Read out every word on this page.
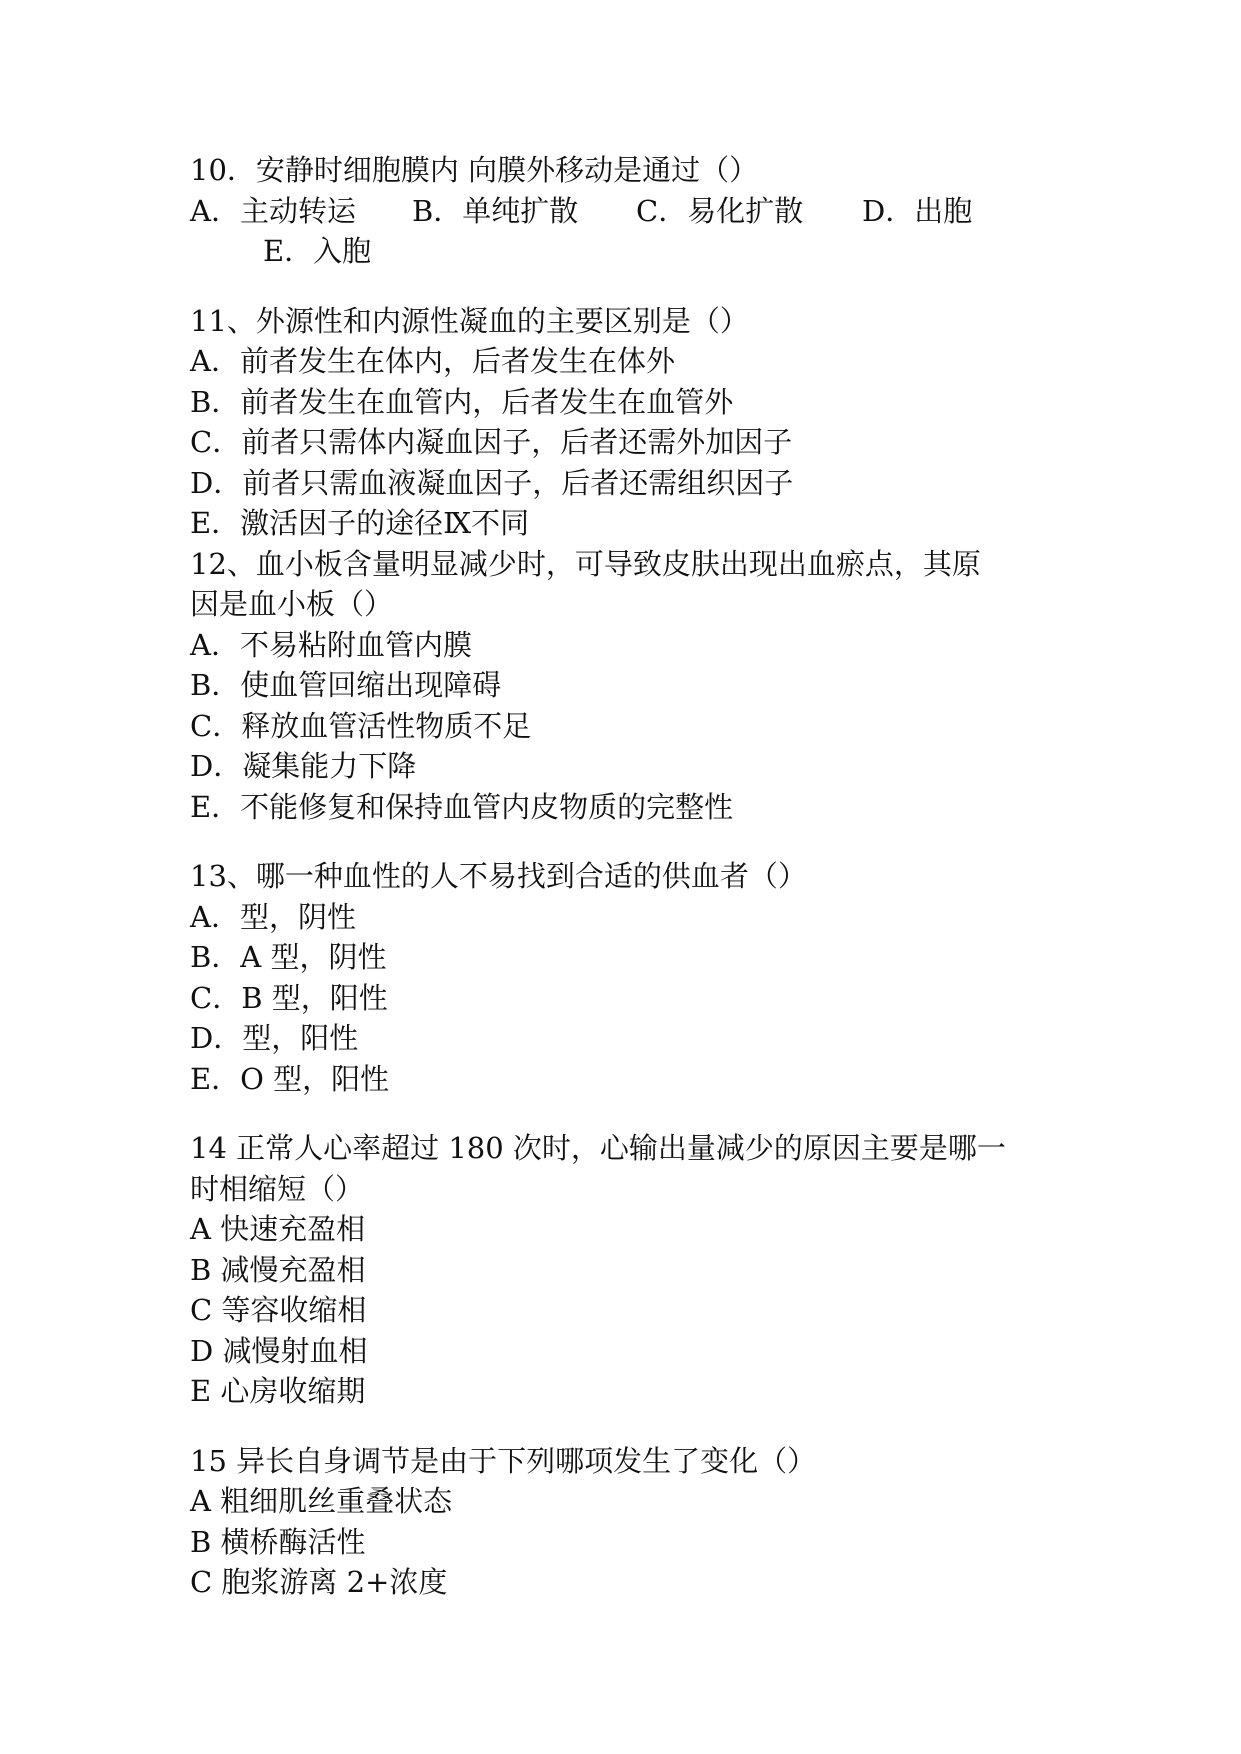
10．安静时细胞膜内 向膜外移动是通过（）
A．主动转运 B．单纯扩散 C．易化扩散 D．出胞
E．入胞
11、外源性和内源性凝血的主要区别是（）
A．前者发生在体内，后者发生在体外
B．前者发生在血管内，后者发生在血管外
C．前者只需体内凝血因子，后者还需外加因子
D．前者只需血液凝血因子，后者还需组织因子
E．激活因子的途径Ⅸ不同
12、血小板含量明显减少时，可导致皮肤出现出血瘀点，其原
因是血小板（）
A．不易粘附血管内膜
B．使血管回缩出现障碍
C．释放血管活性物质不足
D．凝集能力下降
E．不能修复和保持血管内皮物质的完整性
13、哪一种血性的人不易找到合适的供血者（）
A．型，阴性
B．A 型，阴性
C．B 型，阳性
D．型，阳性
E．O 型，阳性
14 正常人心率超过 180 次时，心输出量减少的原因主要是哪一
时相缩短（）
A 快速充盈相
B 减慢充盈相
C 等容收缩相
D 减慢射血相
E 心房收缩期
15 异长自身调节是由于下列哪项发生了变化（）
A 粗细肌丝重叠状态
B 横桥酶活性
C 胞浆游离 2+浓度
